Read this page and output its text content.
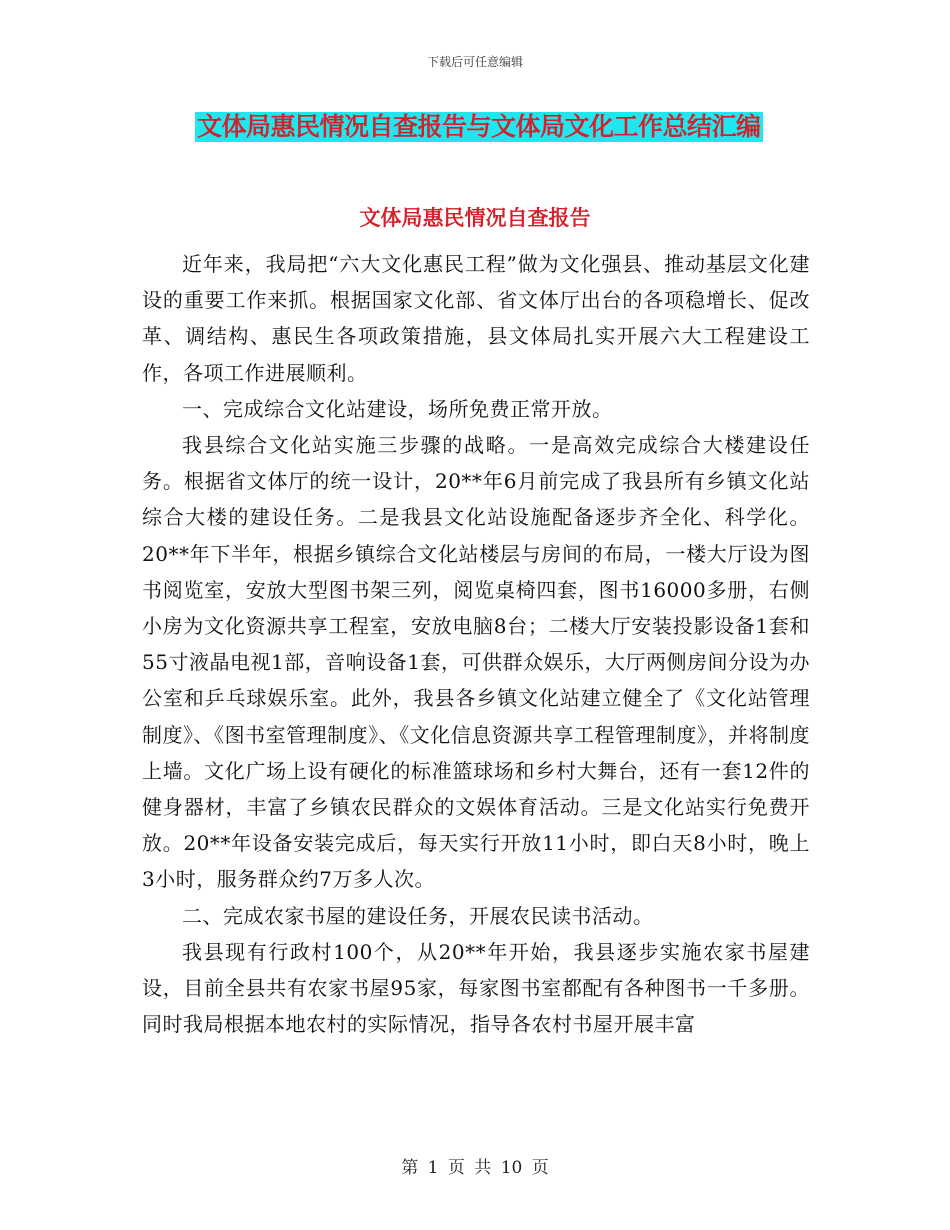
下载后可任意编辑
文体局惠民情况自查报告与文体局文化工作总结汇编
文体局惠民情况自查报告

近年来，我局把“六大文化惠民工程”做为文化强县、推动基层文化建设的重要工作来抓。根据国家文化部、省文体厅出台的各项稳增长、促改革、调结构、惠民生各项政策措施，县文体局扎实开展六大工程建设工作，各项工作进展顺利。

一、完成综合文化站建设，场所免费正常开放。

我县综合文化站实施三步骤的战略。一是高效完成综合大楼建设任务。根据省文体厅的统一设计，20**年6月前完成了我县所有乡镇文化站综合大楼的建设任务。二是我县文化站设施配备逐步齐全化、科学化。20**年下半年，根据乡镇综合文化站楼层与房间的布局，一楼大厅设为图书阅览室，安放大型图书架三列，阅览桌椅四套，图书16000多册，右侧小房为文化资源共享工程室，安放电脑8台；二楼大厅安装投影设备1套和55寸液晶电视1部，音响设备1套，可供群众娱乐，大厅两侧房间分设为办公室和乒乓球娱乐室。此外，我县各乡镇文化站建立健全了《文化站管理制度》、《图书室管理制度》、《文化信息资源共享工程管理制度》，并将制度上墙。文化广场上设有硬化的标准篮球场和乡村大舞台，还有一套12件的健身器材，丰富了乡镇农民群众的文娱体育活动。三是文化站实行免费开放。20**年设备安装完成后，每天实行开放11小时，即白天8小时，晚上3小时，服务群众约7万多人次。

二、完成农家书屋的建设任务，开展农民读书活动。

我县现有行政村100个，从20**年开始，我县逐步实施农家书屋建设，目前全县共有农家书屋95家，每家图书室都配有各种图书一千多册。同时我局根据本地农村的实际情况，指导各农村书屋开展丰富

第 1 页 共 10 页
